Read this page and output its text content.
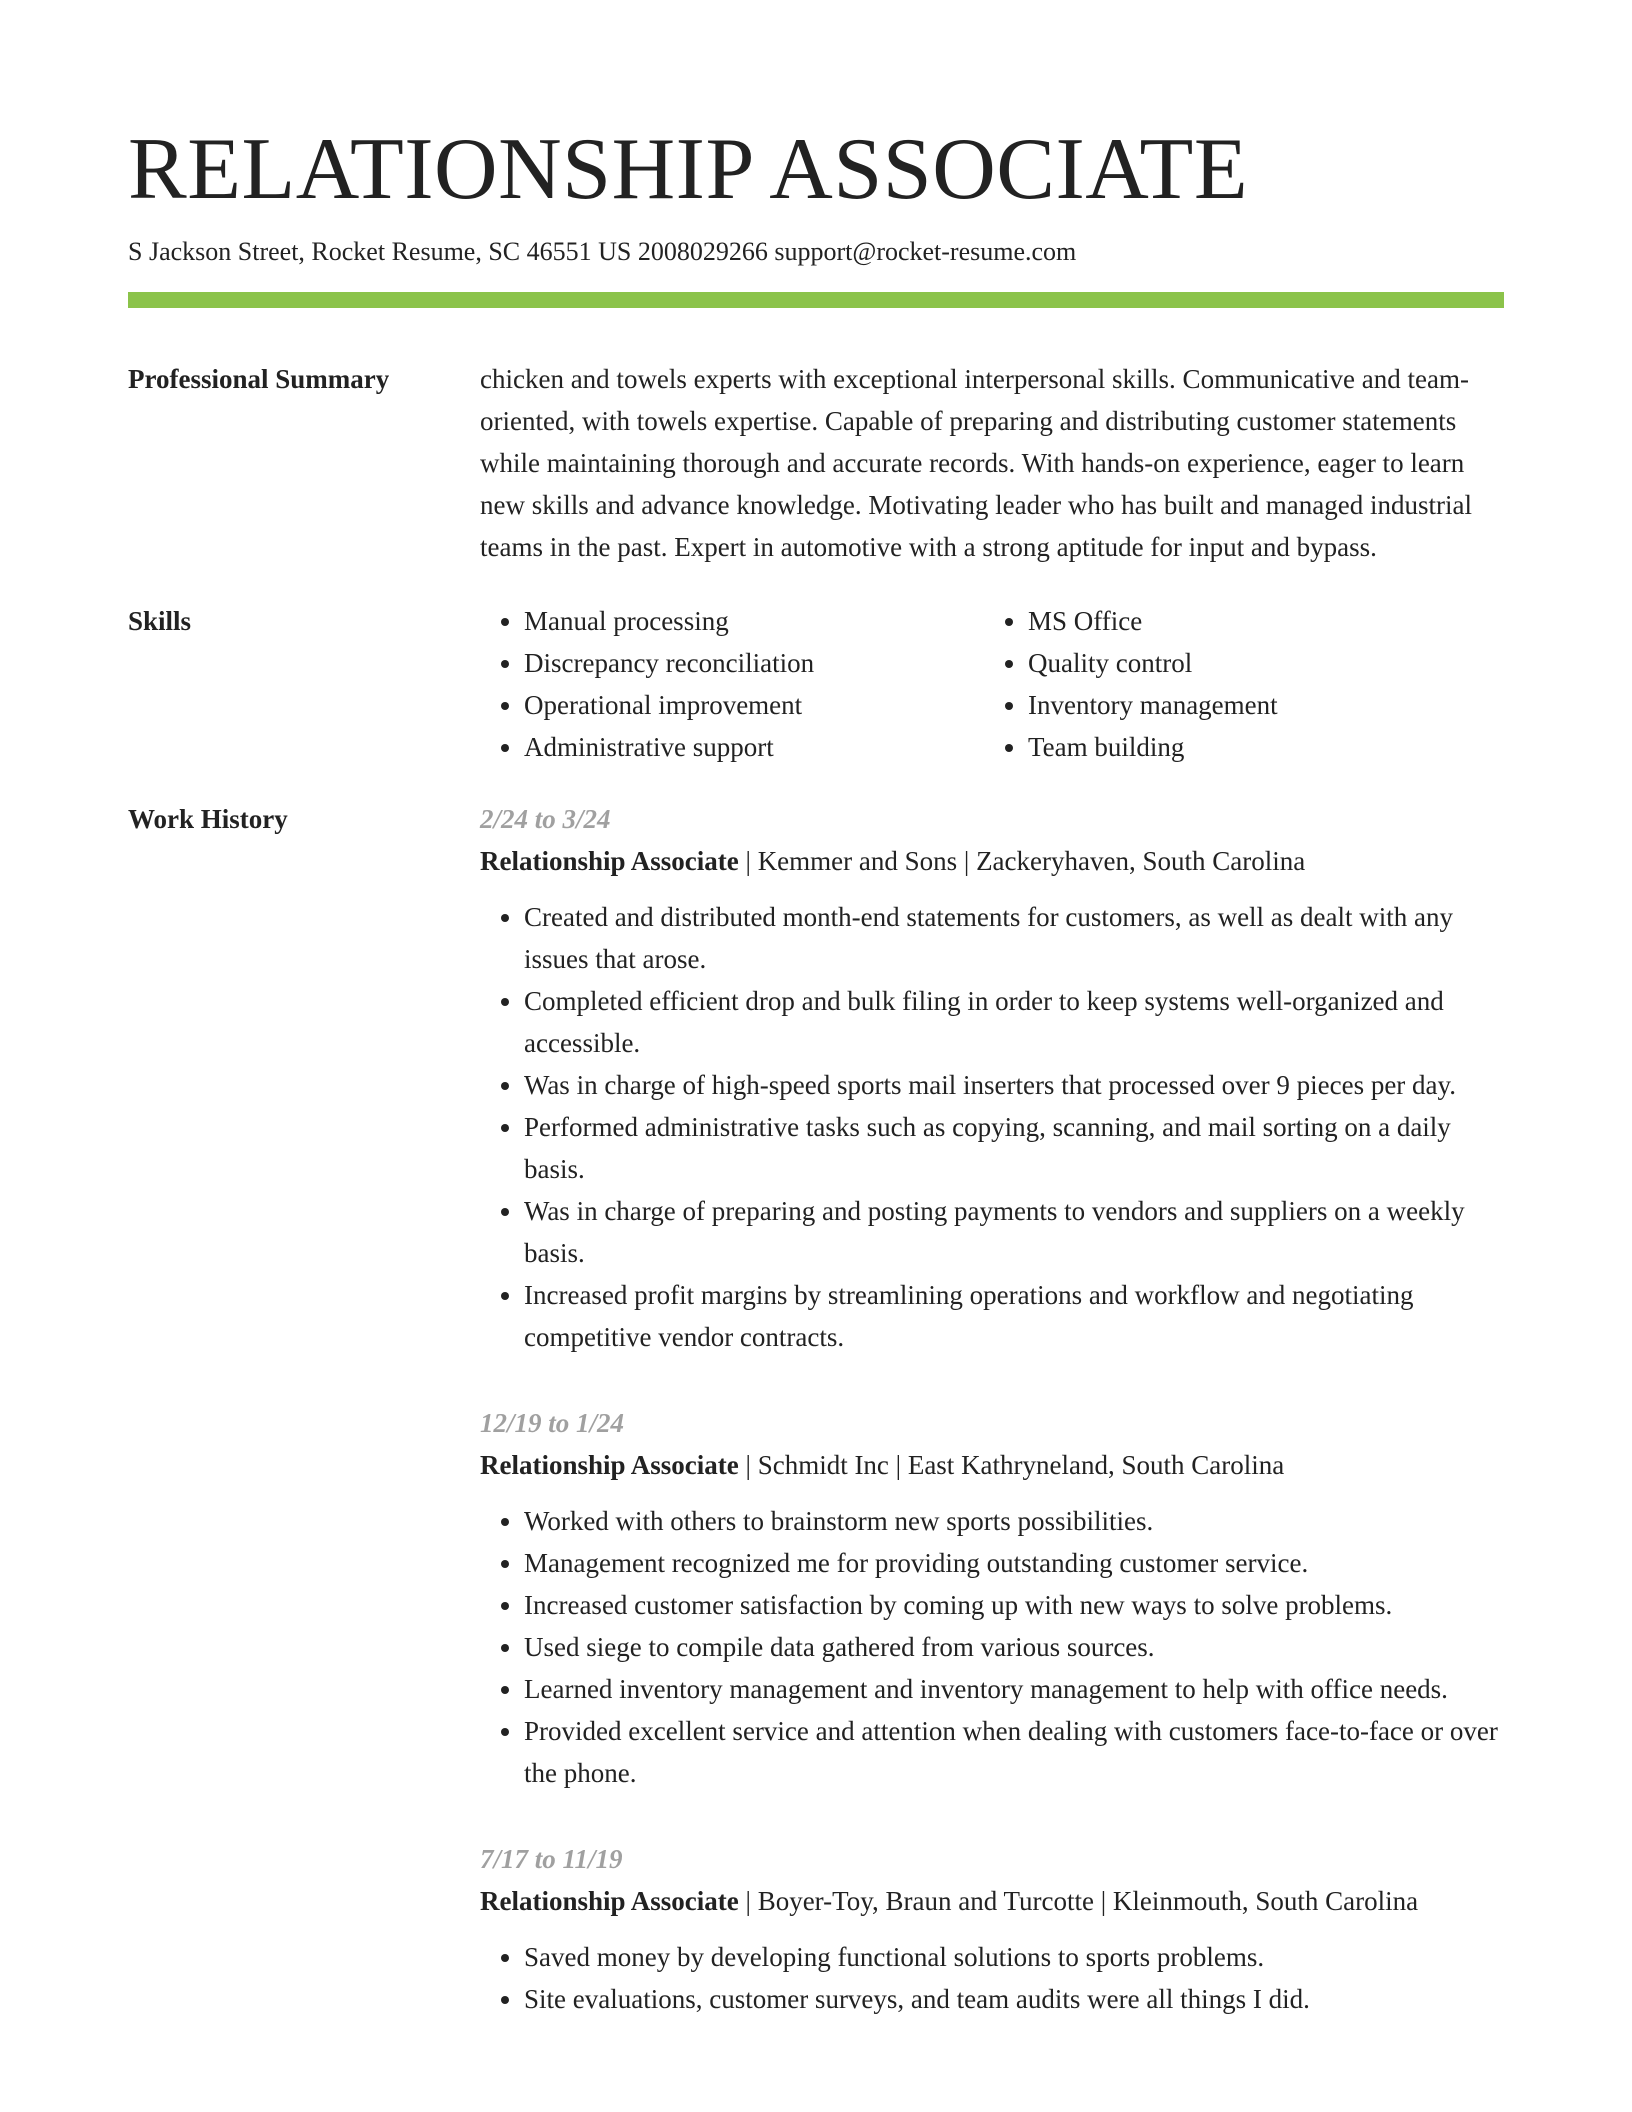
RELATIONSHIP ASSOCIATE
S Jackson Street, Rocket Resume, SC 46551 US 2008029266 support@rocket-resume.com
Professional Summary	chicken and towels experts with exceptional interpersonal skills. Communicative and team-oriented, with towels expertise. Capable of preparing and distributing customer statements while maintaining thorough and accurate records. With hands-on experience, eager to learn new skills and advance knowledge. Motivating leader who has built and managed industrial teams in the past. Expert in automotive with a strong aptitude for input and bypass.
Skills
•	Manual processing
• Discrepancy reconciliation
• Operational improvement
• Administrative support
• MS Office
• Quality control
• Inventory management
• Team building
Work History	2/24 to 3/24
Relationship Associate | Kemmer and Sons | Zackeryhaven, South Carolina
• Created and distributed month-end statements for customers, as well as dealt with any issues that arose.
• Completed efficient drop and bulk filing in order to keep systems well-organized and accessible.
• Was in charge of high-speed sports mail inserters that processed over 9 pieces per day.
• Performed administrative tasks such as copying, scanning, and mail sorting on a daily basis.
• Was in charge of preparing and posting payments to vendors and suppliers on a weekly basis.
• Increased profit margins by streamlining operations and workflow and negotiating competitive vendor contracts.
12/19 to 1/24
Relationship Associate | Schmidt Inc | East Kathryneland, South Carolina
• Worked with others to brainstorm new sports possibilities.
• Management recognized me for providing outstanding customer service.
• Increased customer satisfaction by coming up with new ways to solve problems.
• Used siege to compile data gathered from various sources.
• Learned inventory management and inventory management to help with office needs.
• Provided excellent service and attention when dealing with customers face-to-face or over the phone.
7/17 to 11/19
Relationship Associate | Boyer-Toy, Braun and Turcotte | Kleinmouth, South Carolina
• Saved money by developing functional solutions to sports problems.
• Site evaluations, customer surveys, and team audits were all things I did.
